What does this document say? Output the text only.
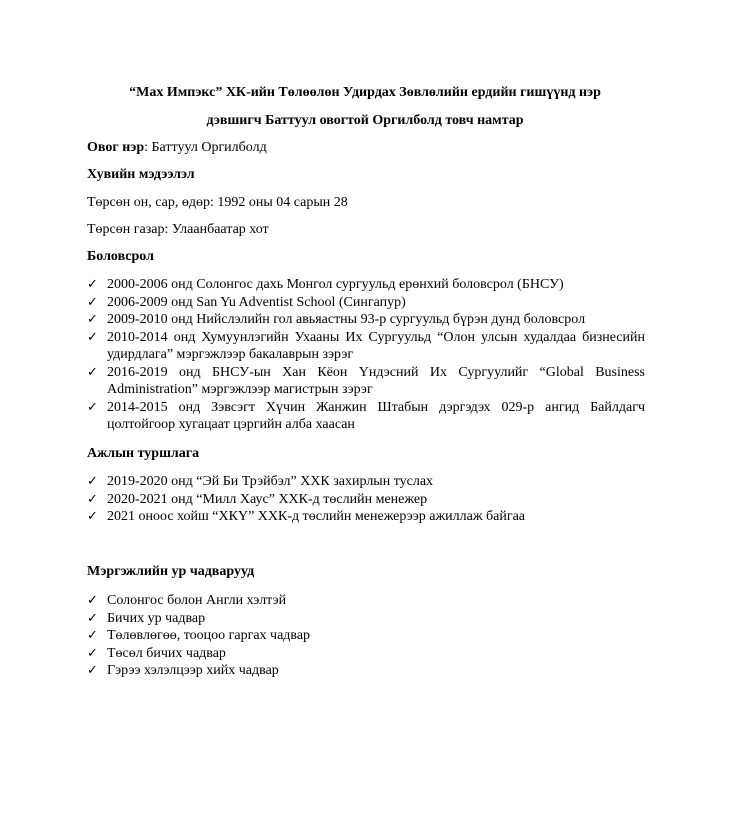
“Мах Импэкс” ХК-ийн Төлөөлөн Удирдах Зөвлөлийн ердийн гишүүнд нэр
дэвшигч Баттуул овогтой Оргилболд товч намтар
Овог нэр: Баттуул Оргилболд
Хувийн мэдээлэл
Төрсөн он, сар, өдөр: 1992 оны 04 сарын 28
Төрсөн газар: Улаанбаатар хот
Боловсрол
✓ 2000-2006 онд Солонгос дахь Монгол сургуульд ерөнхий боловсрол (БНСУ)
✓ 2006-2009 онд San Yu Adventist School (Сингапур)
✓ 2009-2010 онд Нийслэлийн гол авьяастны 93-р сургуульд бүрэн дунд боловсрол
✓ 2010-2014 онд Хумуунлэгийн Ухааны Их Сургуульд “Олон улсын худалдаа бизнесийн удирдлага” мэргэжлээр бакалаврын зэрэг
✓ 2016-2019 онд БНСУ-ын Хан Кёон Үндэсний Их Сургуулийг “Global Business Administration” мэргэжлээр магистрын зэрэг
✓ 2014-2015 онд Зэвсэгт Хүчин Жанжин Штабын дэргэдэх 029-р ангид Байлдагч цолтойгоор хугацаат цэргийн алба хаасан
Ажлын туршлага
✓ 2019-2020 онд “Эй Би Трэйбэл” ХХК захирлын туслах
✓ 2020-2021 онд “Милл Хаус” ХХК-д төслийн менежер
✓ 2021 оноос хойш “ХКҮ” ХХК-д төслийн менежерээр ажиллаж байгаа
Мэргэжлийн ур чадварууд
✓ Солонгос болон Англи хэлтэй
✓ Бичих ур чадвар
✓ Төлөвлөгөө, тооцоо гаргах чадвар
✓ Төсөл бичих чадвар
✓ Гэрээ хэлэлцээр хийх чадвар
